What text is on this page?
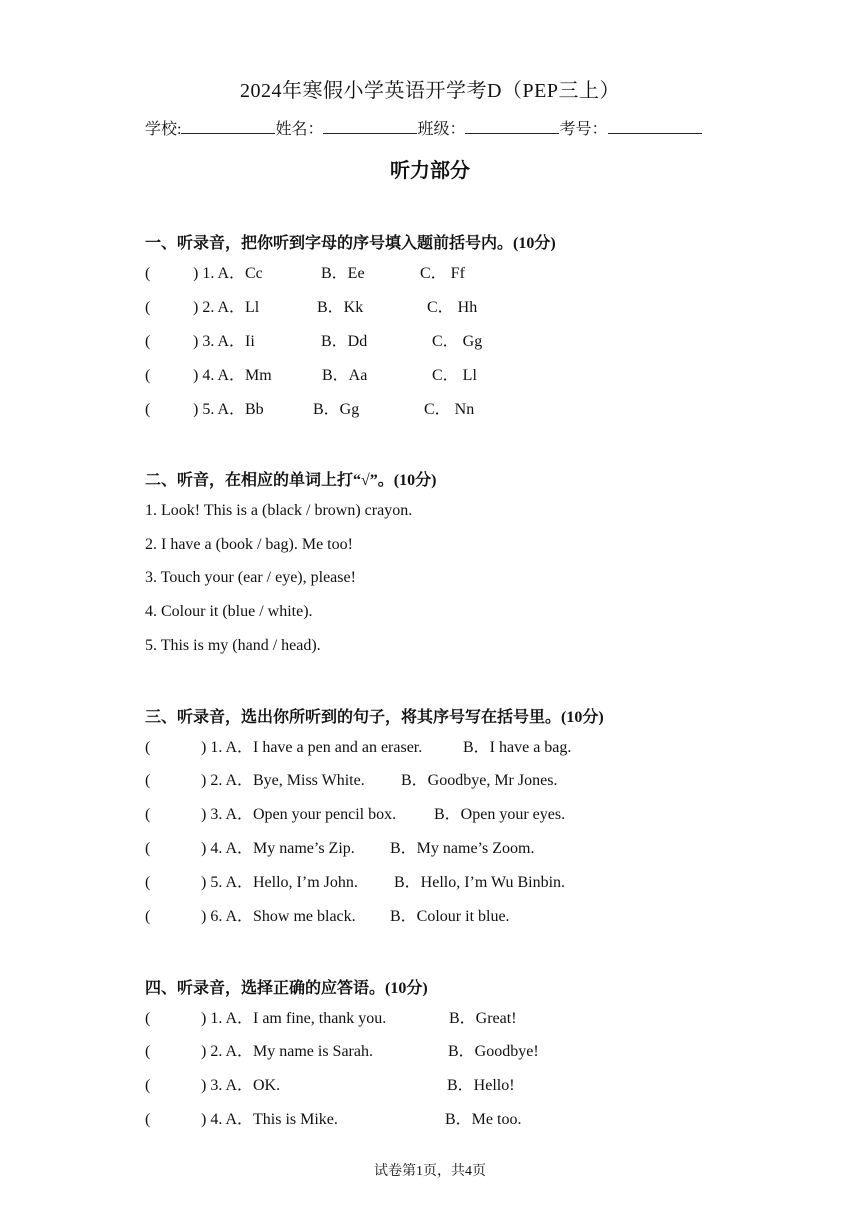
2024年寒假小学英语开学考D（PEP三上）
学校:	姓名：	班级：	考号：
听力部分
一、听录音，把你听到字母的序号填入题前括号内。(10分)
(	) 1. A．Cc	B．Ee	C． Ff
(	) 2. A．Ll	B．Kk	C． Hh
(	) 3. A．Ii	B．Dd	C． Gg
(	) 4. A．Mm	B．Aa	C． Ll
(	) 5. A．Bb	B．Gg	C． Nn
二、听音，在相应的单词上打“√”。(10分)
1. Look! This is a (black / brown) crayon.
2. I have a (book / bag). Me too!
3. Touch your (ear / eye), please!
4. Colour it (blue / white).
5. This is my (hand / head).
三、听录音，选出你所听到的句子，将其序号写在括号里。(10分)
(	) 1. A．I have a pen and an eraser.	B．I have a bag.
(	) 2. A．Bye, Miss White. B．Goodbye, Mr Jones.
(	) 3. A．Open your pencil box. B．Open your eyes.
(	) 4. A．My name’s Zip. B．My name’s Zoom.
(	) 5. A．Hello, I’m John. B．Hello, I’m Wu Binbin.
(	) 6. A．Show me black. B．Colour it blue.
四、听录音，选择正确的应答语。(10分)
(	) 1. A．I am fine, thank you.	B．Great!
(	) 2. A．My name is Sarah.	B．Goodbye!
(	) 3. A．OK.	B．Hello!
(	) 4. A．This is Mike.	B．Me too.
试卷第1页，共4页
